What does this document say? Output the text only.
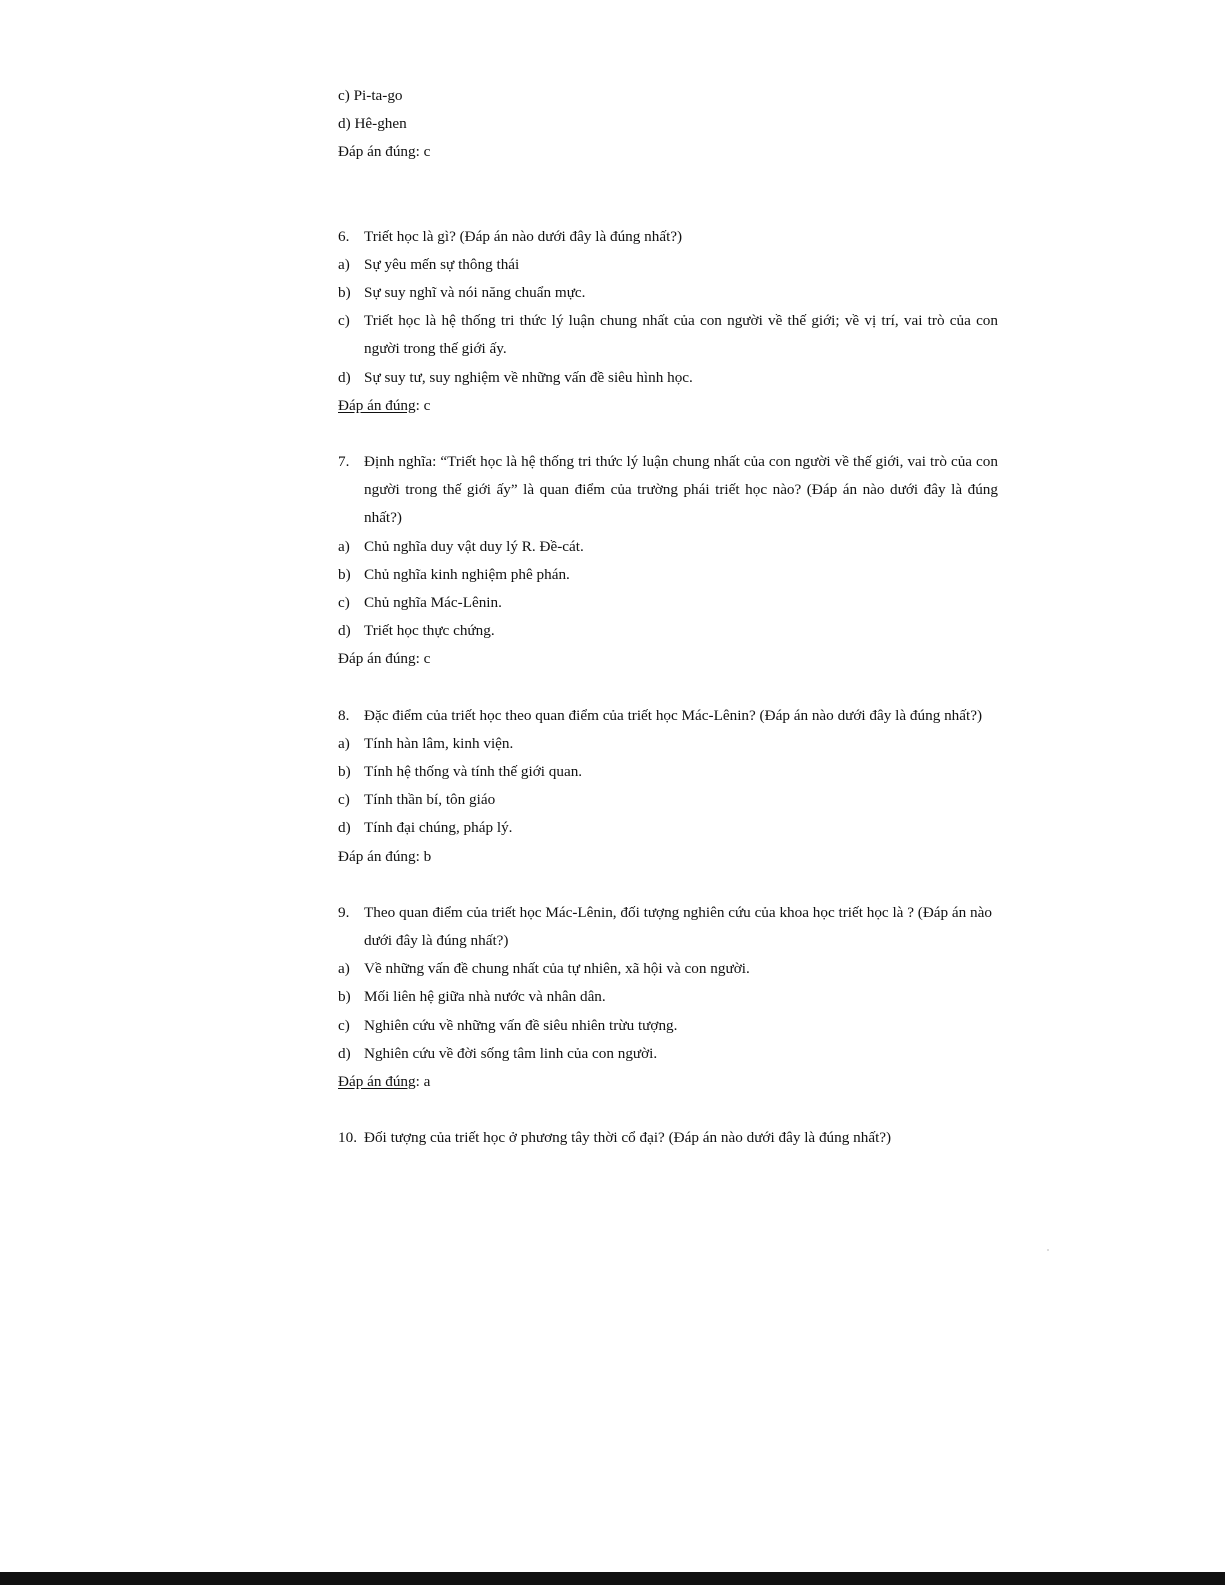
c) Pi-ta-go

d) Hê-ghen

Đáp án đúng: c

6. Triết học là gì? (Đáp án nào dưới đây là đúng nhất?)
a) Sự yêu mến sự thông thái
b) Sự suy nghĩ và nói năng chuẩn mực.
c) Triết học là hệ thống tri thức lý luận chung nhất của con người về thế giới; về vị trí, vai trò của con người trong thế giới ấy.
d) Sự suy tư, suy nghiệm về những vấn đề siêu hình học.

Đáp án đúng: c

7. Định nghĩa: “Triết học là hệ thống tri thức lý luận chung nhất của con người về thế giới, vai trò của con người trong thế giới ấy” là quan điểm của trường phái triết học nào? (Đáp án nào dưới đây là đúng nhất?)
a) Chủ nghĩa duy vật duy lý R. Đề-cát.
b) Chủ nghĩa kinh nghiệm phê phán.
c) Chủ nghĩa Mác-Lênin.
d) Triết học thực chứng.

Đáp án đúng: c

8. Đặc điểm của triết học theo quan điểm của triết học Mác-Lênin? (Đáp án nào dưới đây là đúng nhất?)
a) Tính hàn lâm, kinh viện.
b) Tính hệ thống và tính thế giới quan.
c) Tính thần bí, tôn giáo
d) Tính đại chúng, pháp lý.

Đáp án đúng: b

9. Theo quan điểm của triết học Mác-Lênin, đối tượng nghiên cứu của khoa học triết học là ? (Đáp án nào dưới đây là đúng nhất?)
a) Về những vấn đề chung nhất của tự nhiên, xã hội và con người.
b) Mối liên hệ giữa nhà nước và nhân dân.
c) Nghiên cứu về những vấn đề siêu nhiên trừu tượng.
d) Nghiên cứu về đời sống tâm linh của con người.

Đáp án đúng: a

10. Đối tượng của triết học ở phương tây thời cổ đại? (Đáp án nào dưới đây là đúng nhất?)
